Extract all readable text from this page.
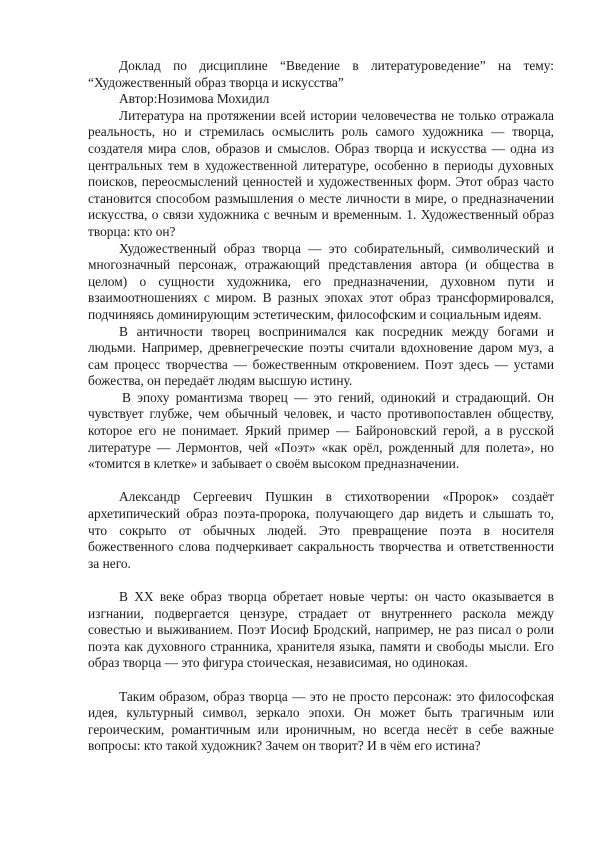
Доклад по дисциплине “Введение в литературоведение” на тему: “Художественный образ творца и искусства”

Автор:Нозимова Мохидил

Литература на протяжении всей истории человечества не только отражала реальность, но и стремилась осмыслить роль самого художника — творца, создателя мира слов, образов и смыслов. Образ творца и искусства — одна из центральных тем в художественной литературе, особенно в периоды духовных поисков, переосмыслений ценностей и художественных форм. Этот образ часто становится способом размышления о месте личности в мире, о предназначении искусства, о связи художника с вечным и временным. 1. Художественный образ творца: кто он?

Художественный образ творца — это собирательный, символический и многозначный персонаж, отражающий представления автора (и общества в целом) о сущности художника, его предназначении, духовном пути и взаимоотношениях с миром. В разных эпохах этот образ трансформировался, подчиняясь доминирующим эстетическим, философским и социальным идеям.

В античности творец воспринимался как посредник между богами и людьми. Например, древнегреческие поэты считали вдохновение даром муз, а сам процесс творчества — божественным откровением. Поэт здесь — устами божества, он передаёт людям высшую истину.

В эпоху романтизма творец — это гений, одинокий и страдающий. Он чувствует глубже, чем обычный человек, и часто противопоставлен обществу, которое его не понимает. Яркий пример — Байроновский герой, а в русской литературе — Лермонтов, чей «Поэт» «как орёл, рожденный для полета», но «томится в клетке» и забывает о своём высоком предназначении.

Александр Сергеевич Пушкин в стихотворении «Пророк» создаёт архетипический образ поэта-пророка, получающего дар видеть и слышать то, что сокрыто от обычных людей. Это превращение поэта в носителя божественного слова подчеркивает сакральность творчества и ответственности за него.

В XX веке образ творца обретает новые черты: он часто оказывается в изгнании, подвергается цензуре, страдает от внутреннего раскола между совестью и выживанием. Поэт Иосиф Бродский, например, не раз писал о роли поэта как духовного странника, хранителя языка, памяти и свободы мысли. Его образ творца — это фигура стоическая, независимая, но одинокая.

Таким образом, образ творца — это не просто персонаж: это философская идея, культурный символ, зеркало эпохи. Он может быть трагичным или героическим, романтичным или ироничным, но всегда несёт в себе важные вопросы: кто такой художник? Зачем он творит? И в чём его истина?
